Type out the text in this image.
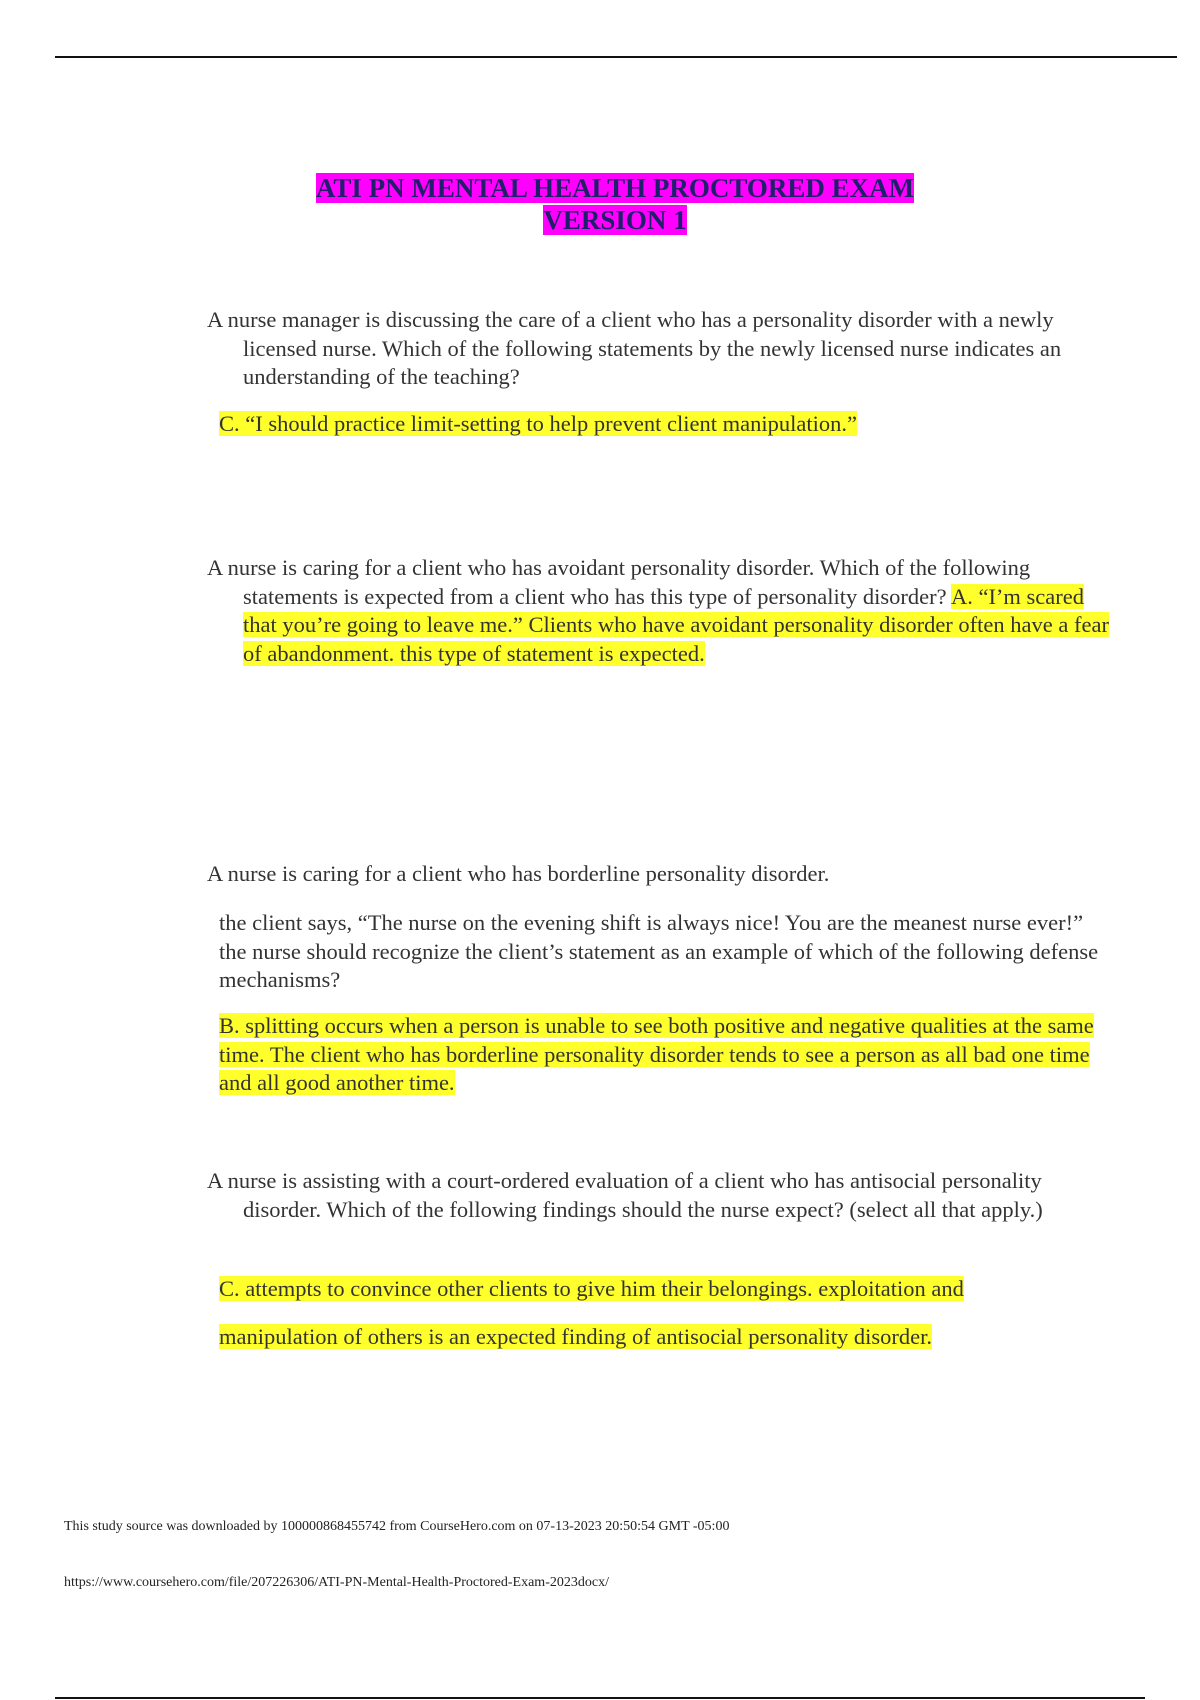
ATI PN MENTAL HEALTH PROCTORED EXAM
VERSION 1
A nurse manager is discussing the care of a client who has a personality disorder with a newly licensed nurse. Which of the following statements by the newly licensed nurse indicates an understanding of the teaching?
C. “I should practice limit-setting to help prevent client manipulation.”
A nurse is caring for a client who has avoidant personality disorder. Which of the following statements is expected from a client who has this type of personality disorder? A. “I’m scared that you’re going to leave me.” Clients who have avoidant personality disorder often have a fear of abandonment. this type of statement is expected.
A nurse is caring for a client who has borderline personality disorder.
the client says, “The nurse on the evening shift is always nice! You are the meanest nurse ever!” the nurse should recognize the client’s statement as an example of which of the following defense mechanisms?
B. splitting occurs when a person is unable to see both positive and negative qualities at the same time. The client who has borderline personality disorder tends to see a person as all bad one time and all good another time.
A nurse is assisting with a court-ordered evaluation of a client who has antisocial personality disorder. Which of the following findings should the nurse expect? (select all that apply.)
C. attempts to convince other clients to give him their belongings. exploitation and
manipulation of others is an expected finding of antisocial personality disorder.
This study source was downloaded by 100000868455742 from CourseHero.com on 07-13-2023 20:50:54 GMT -05:00
https://www.coursehero.com/file/207226306/ATI-PN-Mental-Health-Proctored-Exam-2023docx/
